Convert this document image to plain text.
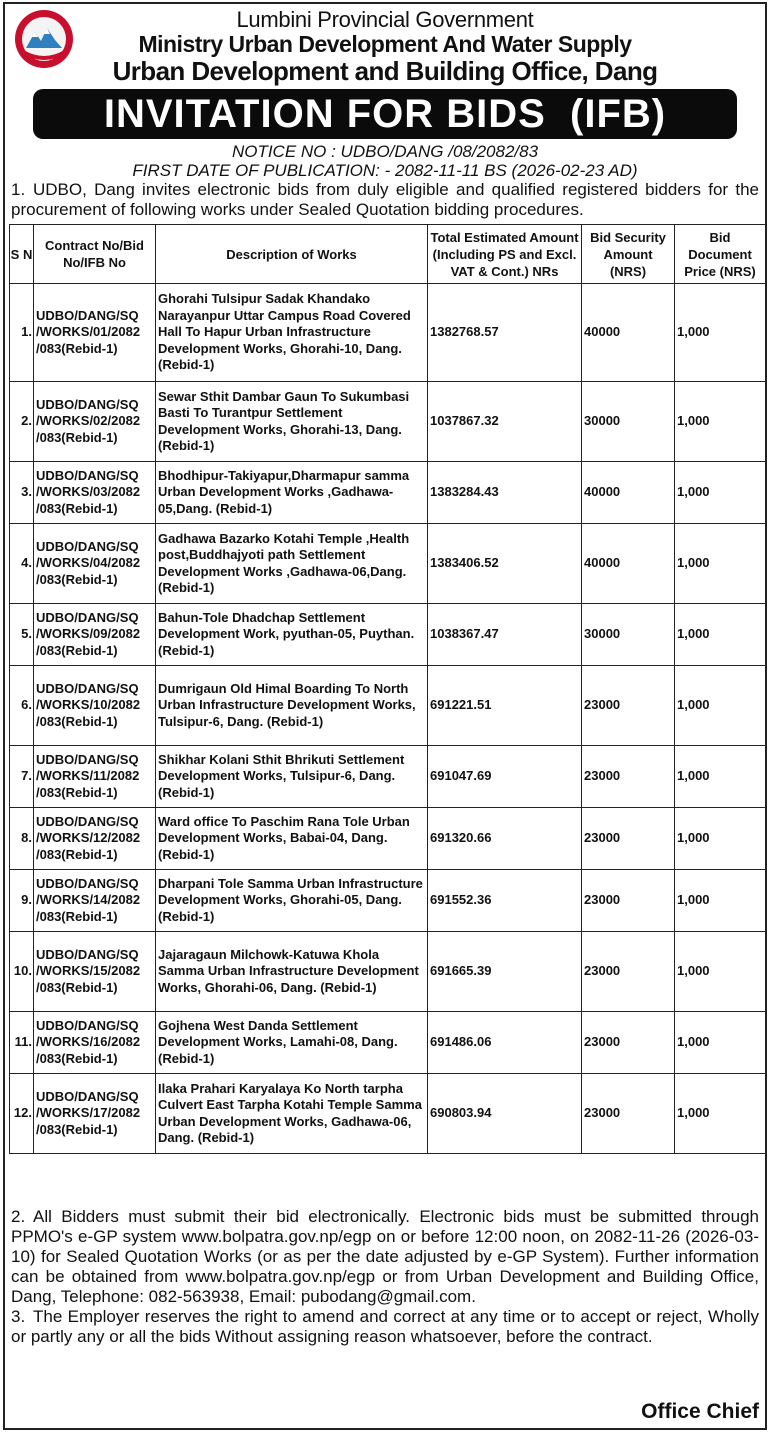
Lumbini Provincial Government
Ministry Urban Development And Water Supply
Urban Development and Building Office, Dang
INVITATION FOR BIDS  (IFB)
NOTICE NO : UDBO/DANG /08/2082/83
FIRST DATE OF PUBLICATION: - 2082-11-11 BS (2026-02-23 AD)
1. UDBO, Dang invites electronic bids from duly eligible and qualified registered bidders for the procurement of following works under Sealed Quotation bidding procedures.
S N	Contract No/Bid No/IFB No	Description of Works	Total Estimated Amount (Including PS and Excl. VAT & Cont.) NRs	Bid Security Amount (NRS)	Bid Document Price (NRS)
1.	UDBO/DANG/SQ /WORKS/01/2082 /083(Rebid-1)	Ghorahi Tulsipur Sadak Khandako Narayanpur Uttar Campus Road Covered Hall To Hapur Urban Infrastructure Development Works, Ghorahi-10, Dang. (Rebid-1)	1382768.57	40000	1,000
2.	UDBO/DANG/SQ /WORKS/02/2082 /083(Rebid-1)	Sewar Sthit Dambar Gaun To Sukumbasi Basti To Turantpur Settlement Development Works, Ghorahi-13, Dang. (Rebid-1)	1037867.32	30000	1,000
3.	UDBO/DANG/SQ /WORKS/03/2082 /083(Rebid-1)	Bhodhipur-Takiyapur,Dharmapur samma Urban Development Works ,Gadhawa-05,Dang. (Rebid-1)	1383284.43	40000	1,000
4.	UDBO/DANG/SQ /WORKS/04/2082 /083(Rebid-1)	Gadhawa Bazarko Kotahi Temple ,Health post,Buddhajyoti path Settlement Development Works ,Gadhawa-06,Dang. (Rebid-1)	1383406.52	40000	1,000
5.	UDBO/DANG/SQ /WORKS/09/2082 /083(Rebid-1)	Bahun-Tole Dhadchap Settlement Development Work, pyuthan-05, Puythan. (Rebid-1)	1038367.47	30000	1,000
6.	UDBO/DANG/SQ /WORKS/10/2082 /083(Rebid-1)	Dumrigaun Old Himal Boarding To North Urban Infrastructure Development Works, Tulsipur-6, Dang. (Rebid-1)	691221.51	23000	1,000
7.	UDBO/DANG/SQ /WORKS/11/2082 /083(Rebid-1)	Shikhar Kolani Sthit Bhrikuti Settlement Development Works, Tulsipur-6, Dang. (Rebid-1)	691047.69	23000	1,000
8.	UDBO/DANG/SQ /WORKS/12/2082 /083(Rebid-1)	Ward office To Paschim Rana Tole Urban Development Works, Babai-04, Dang. (Rebid-1)	691320.66	23000	1,000
9.	UDBO/DANG/SQ /WORKS/14/2082 /083(Rebid-1)	Dharpani Tole Samma Urban Infrastructure Development Works, Ghorahi-05, Dang. (Rebid-1)	691552.36	23000	1,000
10.	UDBO/DANG/SQ /WORKS/15/2082 /083(Rebid-1)	Jajaragaun Milchowk-Katuwa Khola Samma Urban Infrastructure Development Works, Ghorahi-06, Dang. (Rebid-1)	691665.39	23000	1,000
11.	UDBO/DANG/SQ /WORKS/16/2082 /083(Rebid-1)	Gojhena West Danda Settlement Development Works, Lamahi-08, Dang. (Rebid-1)	691486.06	23000	1,000
12.	UDBO/DANG/SQ /WORKS/17/2082 /083(Rebid-1)	Ilaka Prahari Karyalaya Ko North tarpha Culvert East Tarpha Kotahi Temple Samma Urban Development Works, Gadhawa-06, Dang. (Rebid-1)	690803.94	23000	1,000
2. All Bidders must submit their bid electronically. Electronic bids must be submitted through PPMO's e-GP system www.bolpatra.gov.np/egp on or before 12:00 noon, on 2082-11-26 (2026-03-10) for Sealed Quotation Works (or as per the date adjusted by e-GP System). Further information can be obtained from www.bolpatra.gov.np/egp or from Urban Development and Building Office, Dang, Telephone: 082-563938, Email: pubodang@gmail.com.
3. The Employer reserves the right to amend and correct at any time or to accept or reject, Wholly or partly any or all the bids Without assigning reason whatsoever, before the contract.
Office Chief
